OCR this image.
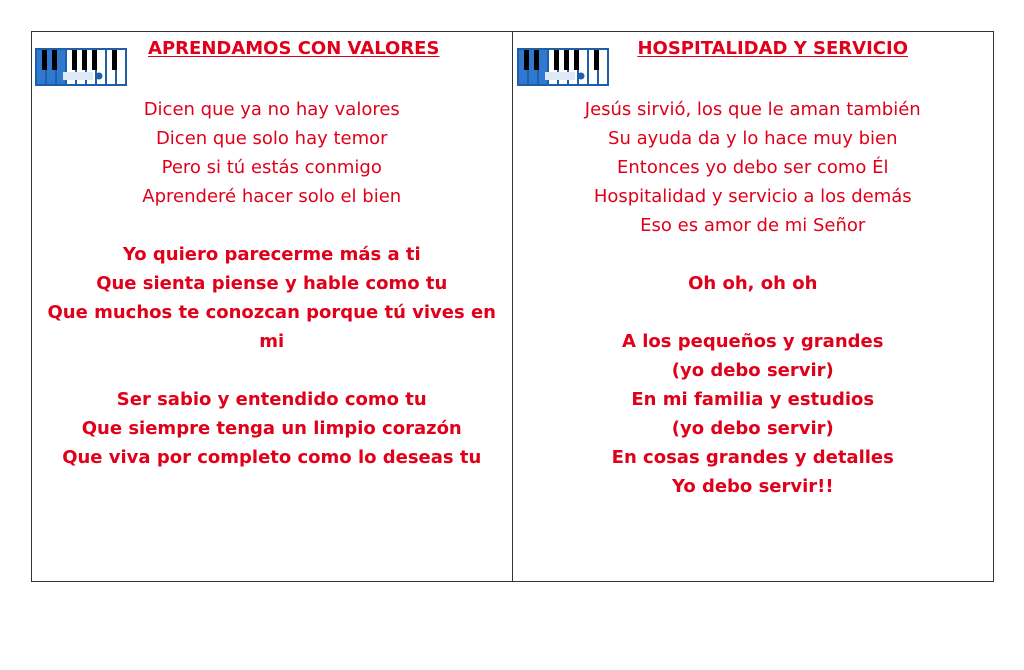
APRENDAMOS CON VALORES
Dicen que ya no hay valores
Dicen que solo hay temor
Pero si tú estás conmigo
Aprenderé hacer solo el bien
Yo quiero parecerme más a ti
Que sienta piense y hable como tu
Que muchos te conozcan porque tú vives en
mi
Ser sabio y entendido como tu
Que siempre tenga un limpio corazón
Que viva por completo como lo deseas tu
HOSPITALIDAD Y SERVICIO
Jesús sirvió, los que le aman también
Su ayuda da y lo hace muy bien
Entonces yo debo ser como Él
Hospitalidad y servicio a los demás
Eso es amor de mi Señor
Oh oh, oh oh
A los pequeños y grandes
(yo debo servir)
En mi familia y estudios
(yo debo servir)
En cosas grandes y detalles
Yo debo servir!!
